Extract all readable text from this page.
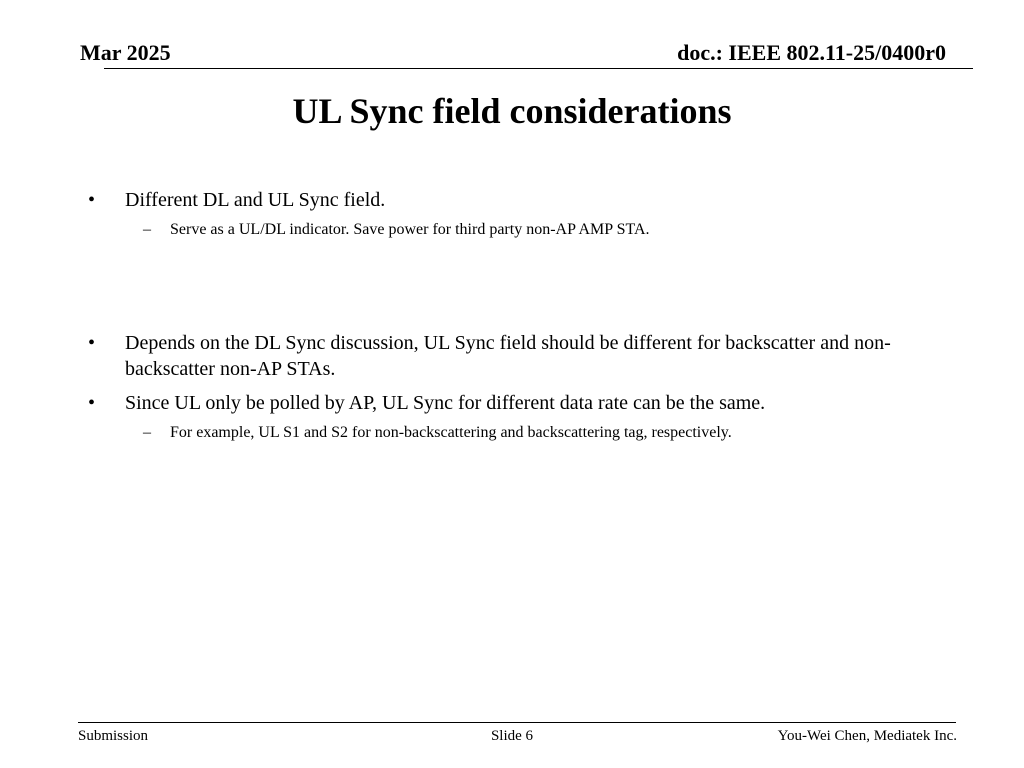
Mar 2025	doc.: IEEE 802.11-25/0400r0
UL Sync field considerations
• Different DL and UL Sync field.
– Serve as a UL/DL indicator. Save power for third party non-AP AMP STA.
• Depends on the DL Sync discussion, UL Sync field should be different for backscatter and non-backscatter non-AP STAs.
• Since UL only be polled by AP, UL Sync for different data rate can be the same.
– For example, UL S1 and S2 for non-backscattering and backscattering tag, respectively.
Submission	Slide 6	You-Wei Chen, Mediatek Inc.
